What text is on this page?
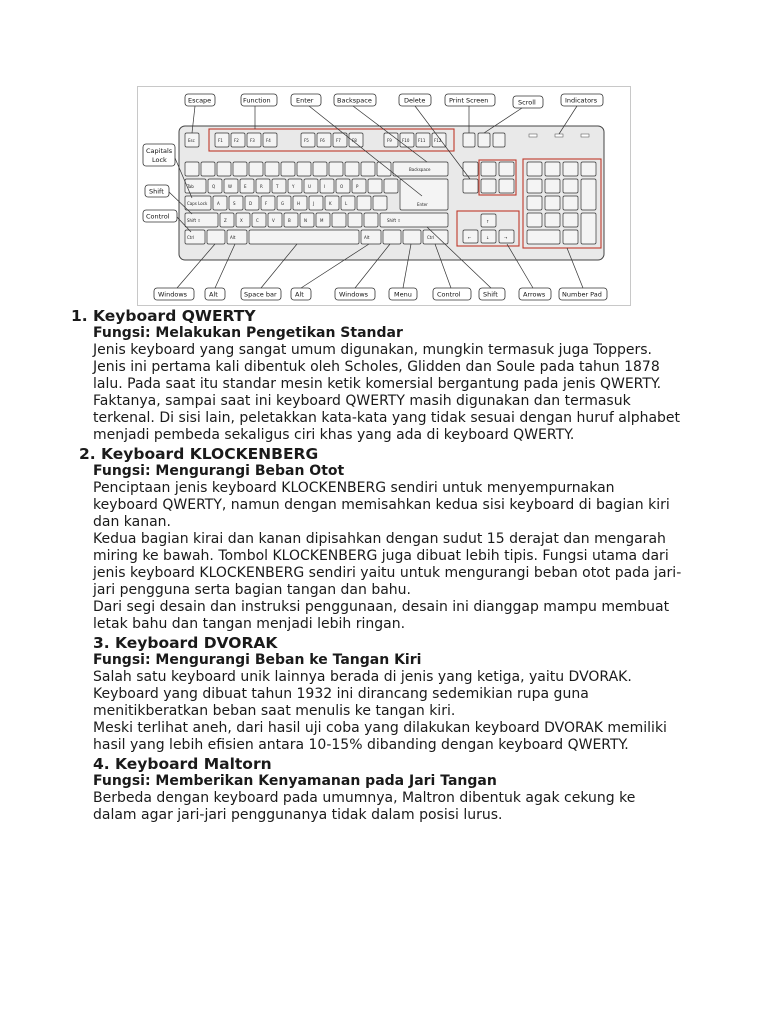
Esc	F1	F2	F3	F4	F5	F6	F7	F8	F9	F10 F11 F12
Backspace
Tab	Q	W	E	R	T	Y	U	I	O	P
Enter
Caps Lock A	S	D	F	G	H	J	K	L
Shift ⇧	Z	X	C	V	B	N	M	Shift ⇧
Ctrl	Alt	Alt	Ctrl
↑
←	↓	→
Escape	Function	Enter	Backspace	Delete	Print Screen	Scroll	Indicators
Capitals
Lock
Shift
Control
Windows	Alt	Space bar	Alt	Windows	Menu	Control	Shift	Arrows	Number Pad
1. Keyboard QWERTY

Fungsi: Melakukan Pengetikan Standar

Jenis keyboard yang sangat umum digunakan, mungkin termasuk juga Toppers. Jenis ini pertama kali dibentuk oleh Scholes, Glidden dan Soule pada tahun 1878 lalu. Pada saat itu standar mesin ketik komersial bergantung pada jenis QWERTY.

Faktanya, sampai saat ini keyboard QWERTY masih digunakan dan termasuk terkenal. Di sisi lain, peletakkan kata-kata yang tidak sesuai dengan huruf alphabet menjadi pembeda sekaligus ciri khas yang ada di keyboard QWERTY.

2. Keyboard KLOCKENBERG

Fungsi: Mengurangi Beban Otot

Penciptaan jenis keyboard KLOCKENBERG sendiri untuk menyempurnakan keyboard QWERTY, namun dengan memisahkan kedua sisi keyboard di bagian kiri dan kanan.

Kedua bagian kirai dan kanan dipisahkan dengan sudut 15 derajat dan mengarah miring ke bawah. Tombol KLOCKENBERG juga dibuat lebih tipis. Fungsi utama dari jenis keyboard KLOCKENBERG sendiri yaitu untuk mengurangi beban otot pada jari-jari pengguna serta bagian tangan dan bahu.

Dari segi desain dan instruksi penggunaan, desain ini dianggap mampu membuat letak bahu dan tangan menjadi lebih ringan.

3. Keyboard DVORAK

Fungsi: Mengurangi Beban ke Tangan Kiri

Salah satu keyboard unik lainnya berada di jenis yang ketiga, yaitu DVORAK. Keyboard yang dibuat tahun 1932 ini dirancang sedemikian rupa guna menitikberatkan beban saat menulis ke tangan kiri.

Meski terlihat aneh, dari hasil uji coba yang dilakukan keyboard DVORAK memiliki hasil yang lebih efisien antara 10-15% dibanding dengan keyboard QWERTY.

4. Keyboard Maltorn

Fungsi: Memberikan Kenyamanan pada Jari Tangan

Berbeda dengan keyboard pada umumnya, Maltron dibentuk agak cekung ke dalam agar jari-jari penggunanya tidak dalam posisi lurus.
